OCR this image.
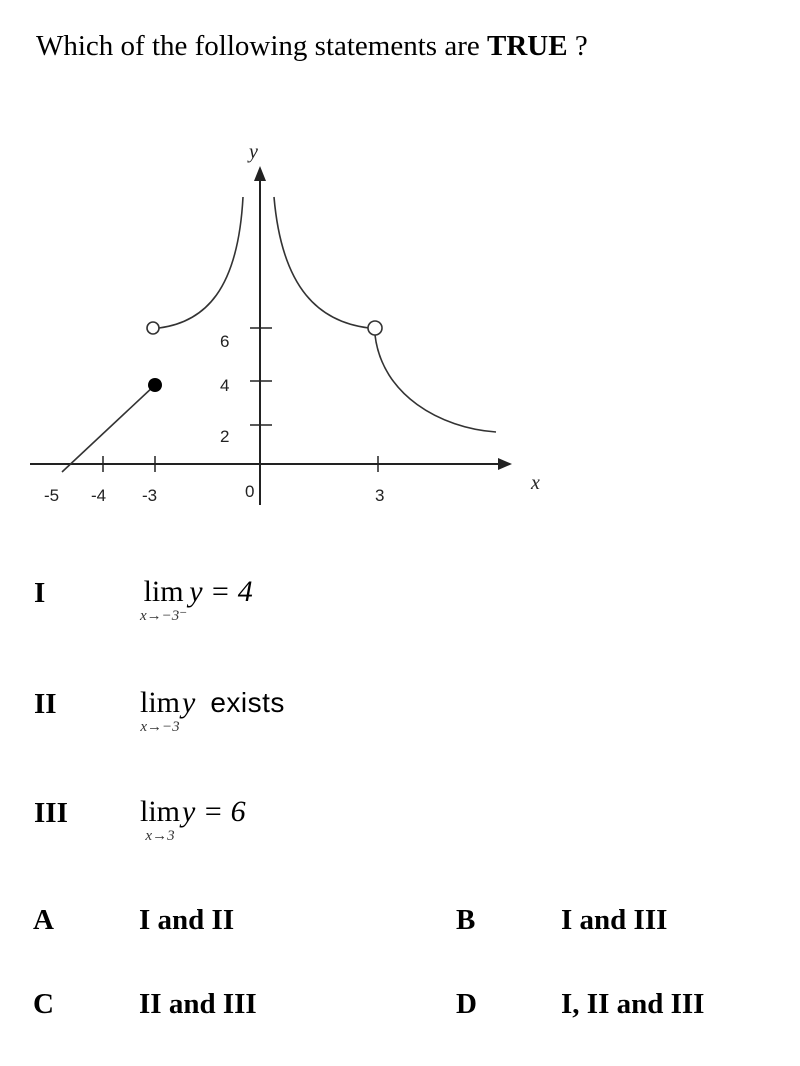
Which of the following statements are TRUE ?
-5 -4 -3	0	3
2
4
6
x
y
I	lim
x→−3⁻
y = 4
II	lim
x→−3
y exists
III lim
x→3
y = 6
A	I and II	B	I and III
C	II and III	D	I, II and III
